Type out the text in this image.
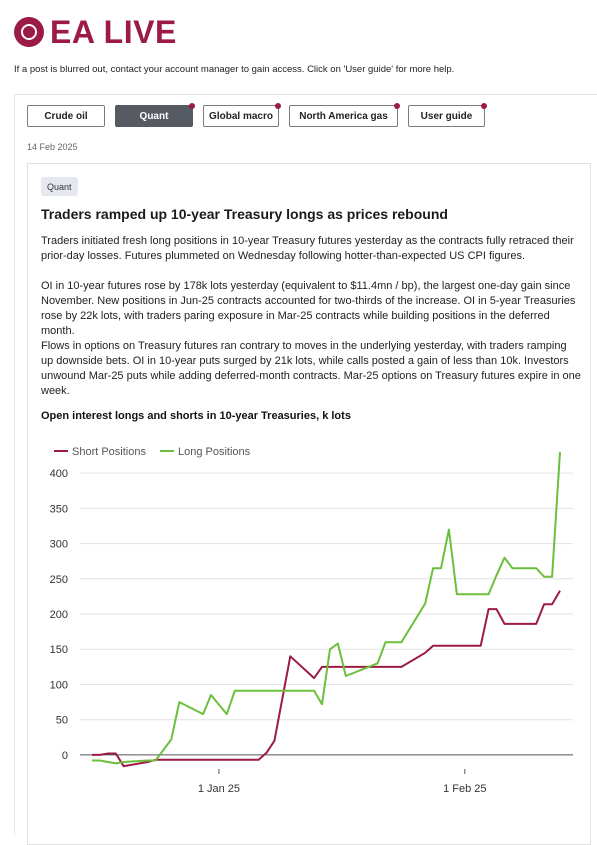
EA LIVE
If a post is blurred out, contact your account manager to gain access. Click on 'User guide' for more help.
Crude oil	Quant	Global macro	North America gas	User guide
14 Feb 2025
Quant
Traders ramped up 10-year Treasury longs as prices rebound
Traders initiated fresh long positions in 10-year Treasury futures yesterday as the contracts fully retraced their prior-day losses. Futures plummeted on Wednesday following hotter-than-expected US CPI figures.
OI in 10-year futures rose by 178k lots yesterday (equivalent to $11.4mn / bp), the largest one-day gain since November. New positions in Jun-25 contracts accounted for two-thirds of the increase. OI in 5-year Treasuries rose by 22k lots, with traders paring exposure in Mar-25 contracts while building positions in the deferred month.
Flows in options on Treasury futures ran contrary to moves in the underlying yesterday, with traders ramping up downside bets. OI in 10-year puts surged by 21k lots, while calls posted a gain of less than 10k. Investors unwound Mar-25 puts while adding deferred-month contracts. Mar-25 options on Treasury futures expire in one week.
Open interest longs and shorts in 10-year Treasuries, k lots
0
50
100
150
200
250
300
350
400
1 Jan 25	1 Feb 25
Short Positions	Long Positions
